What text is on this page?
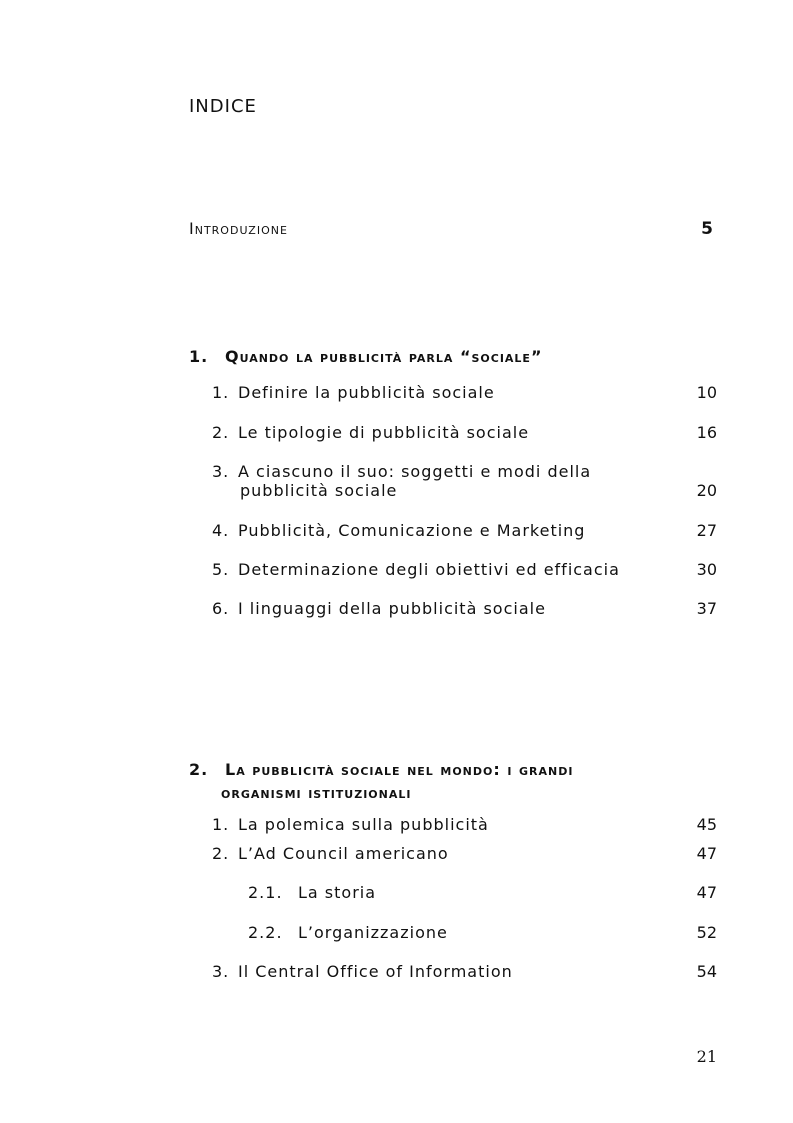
INDICE
Introduzione	5
1. Quando la pubblicità parla “sociale”
1. Definire la pubblicità sociale	10
2. Le tipologie di pubblicità sociale	16
3. A ciascuno il suo: soggetti e modi della
pubblicità sociale	20
4. Pubblicità, Comunicazione e Marketing	27
5. Determinazione degli obiettivi ed efficacia	30
6. I linguaggi della pubblicità sociale	37
2. La pubblicità sociale nel mondo: i grandi
organismi istituzionali
1. La polemica sulla pubblicità	45
2. L’Ad Council americano	47
2.1. La storia	47
2.2. L’organizzazione	52
3. Il Central Office of Information	54
21
